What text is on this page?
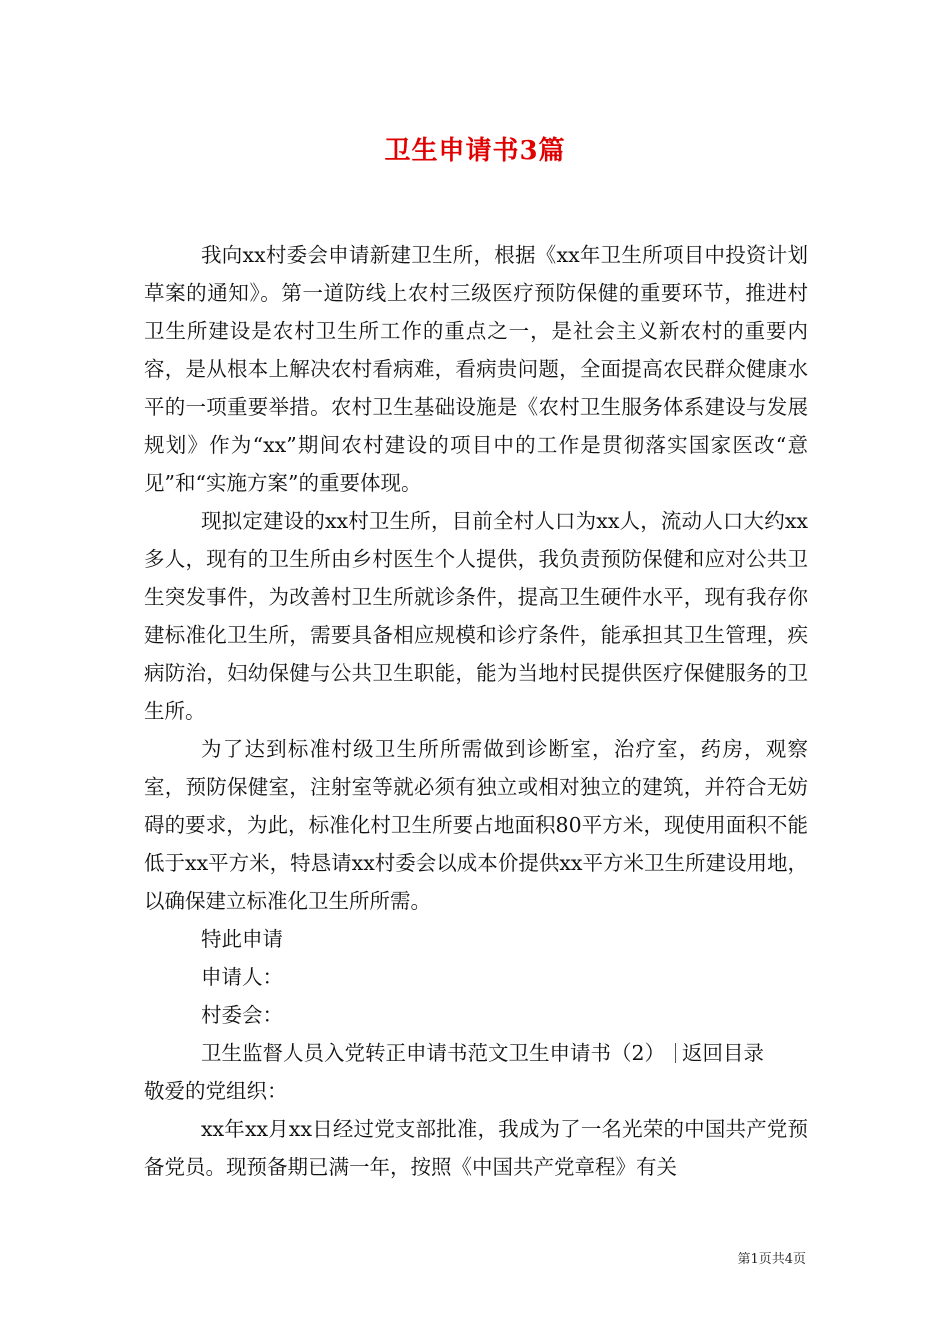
卫生申请书3篇

我向xx村委会申请新建卫生所，根据《xx年卫生所项目中投资计划草案的通知》。第一道防线上农村三级医疗预防保健的重要环节，推进村卫生所建设是农村卫生所工作的重点之一，是社会主义新农村的重要内容，是从根本上解决农村看病难，看病贵问题，全面提高农民群众健康水平的一项重要举措。农村卫生基础设施是《农村卫生服务体系建设与发展规划》作为“xx”期间农村建设的项目中的工作是贯彻落实国家医改“意见”和“实施方案”的重要体现。

现拟定建设的xx村卫生所，目前全村人口为xx人，流动人口大约xx多人，现有的卫生所由乡村医生个人提供，我负责预防保健和应对公共卫生突发事件，为改善村卫生所就诊条件，提高卫生硬件水平，现有我存你建标准化卫生所，需要具备相应规模和诊疗条件，能承担其卫生管理，疾病防治，妇幼保健与公共卫生职能，能为当地村民提供医疗保健服务的卫生所。

为了达到标准村级卫生所所需做到诊断室，治疗室，药房，观察室，预防保健室，注射室等就必须有独立或相对独立的建筑，并符合无妨碍的要求，为此，标准化村卫生所要占地面积80平方米，现使用面积不能低于xx平方米，特恳请xx村委会以成本价提供xx平方米卫生所建设用地，以确保建立标准化卫生所所需。

特此申请

申请人：

村委会：

卫生监督人员入党转正申请书范文卫生申请书（2） 返回目录

敬爱的党组织：

xx年xx月xx日经过党支部批准，我成为了一名光荣的中国共产党预备党员。现预备期已满一年，按照《中国共产党章程》有关

第1页共4页
